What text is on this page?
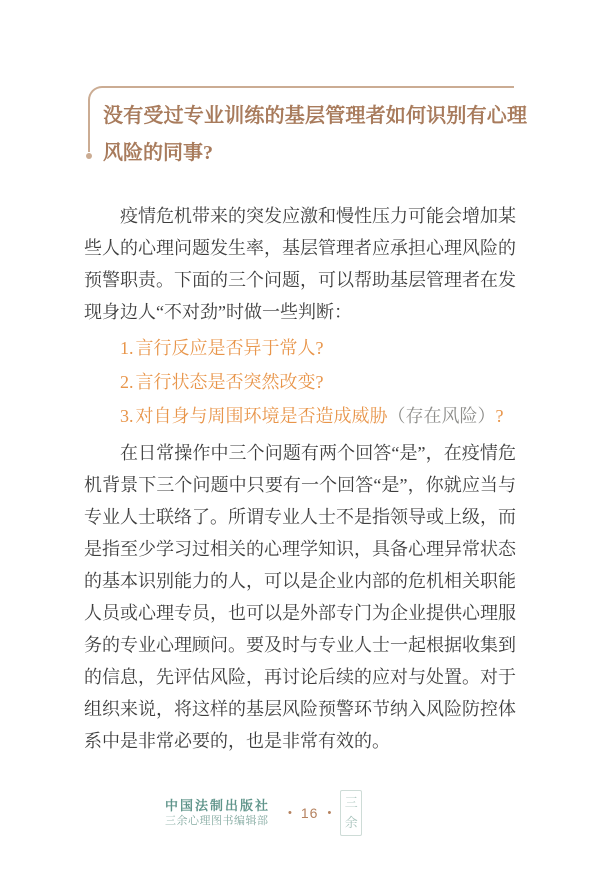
没有受过专业训练的基层管理者如何识别有心理风险的同事?

疫情危机带来的突发应激和慢性压力可能会增加某些人的心理问题发生率，基层管理者应承担心理风险的预警职责。下面的三个问题，可以帮助基层管理者在发现身边人“不对劲”时做一些判断：

1. 言行反应是否异于常人?
2. 言行状态是否突然改变?
3. 对自身与周围环境是否造成威胁（存在风险）?

在日常操作中三个问题有两个回答“是”，在疫情危机背景下三个问题中只要有一个回答“是”，你就应当与专业人士联络了。所谓专业人士不是指领导或上级，而是指至少学习过相关的心理学知识，具备心理异常状态的基本识别能力的人，可以是企业内部的危机相关职能人员或心理专员，也可以是外部专门为企业提供心理服务的专业心理顾问。要及时与专业人士一起根据收集到的信息，先评估风险，再讨论后续的应对与处置。对于组织来说，将这样的基层风险预警环节纳入风险防控体系中是非常必要的，也是非常有效的。

中国法制出版社
三余心理图书编辑部
• 16 •
三
余
